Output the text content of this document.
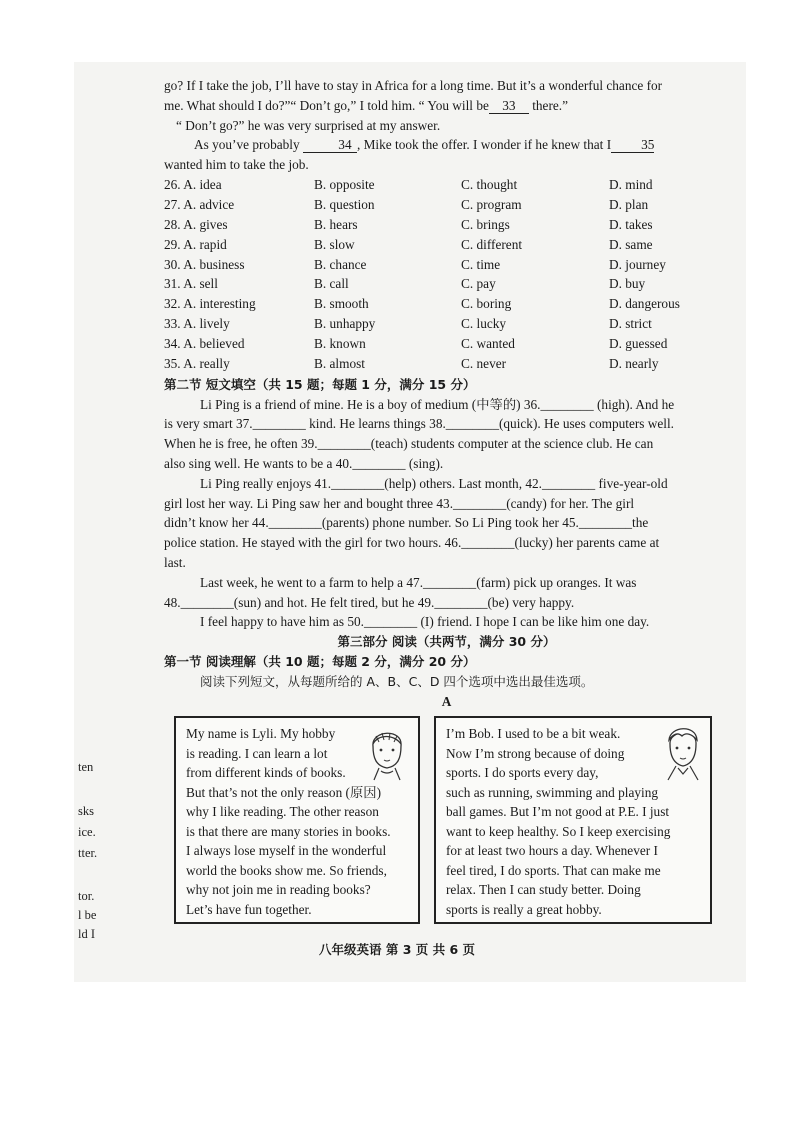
go? If I take the job, I’ll have to stay in Africa for a long time. But it’s a wonderful chance for

me. What should I do?”“ Don’t go,” I told him. “ You will be 33 there.”

“ Don’t go?” he was very surprised at my answer.

As you’ve probably	34 , Mike took the offer. I wonder if he knew that I 35

wanted him to take the job.

26. A. idea	B. opposite	C. thought	D. mind
27. A. advice	B. question	C. program	D. plan
28. A. gives	B. hears	C. brings	D. takes
29. A. rapid	B. slow	C. different	D. same
30. A. business	B. chance	C. time	D. journey
31. A. sell	B. call	C. pay	D. buy
32. A. interesting	B. smooth	C. boring	D. dangerous
33. A. lively	B. unhappy	C. lucky	D. strict
34. A. believed	B. known	C. wanted	D. guessed
35. A. really	B. almost	C. never	D. nearly

第二节 短文填空（共 15 题；每题 1 分，满分 15 分）

Li Ping is a friend of mine. He is a boy of medium (中等的) 36.________ (high). And he

is very smart 37.________ kind. He learns things 38.________(quick). He uses computers well.

When he is free, he often 39.________(teach) students computer at the science club. He can

also sing well. He wants to be a 40.________ (sing).

Li Ping really enjoys 41.________(help) others. Last month, 42.________ five-year-old

girl lost her way. Li Ping saw her and bought three 43.________(candy) for her. The girl

didn’t know her 44.________(parents) phone number. So Li Ping took her 45.________the

police station. He stayed with the girl for two hours. 46.________(lucky) her parents came at

last.

Last week, he went to a farm to help a 47.________(farm) pick up oranges. It was

48.________(sun) and hot. He felt tired, but he 49.________(be) very happy.

I feel happy to have him as 50.________ (I) friend. I hope I can be like him one day.

第三部分 阅读（共两节，满分 30 分）

第一节 阅读理解（共 10 题；每题 2 分，满分 20 分）

阅读下列短文，从每题所给的 A、B、C、D 四个选项中选出最佳选项。

A

My name is Lyli. My hobby
is reading. I can learn a lot
from different kinds of books.
But that’s not the only reason (原因)
why I like reading. The other reason
is that there are many stories in books.
I always lose myself in the wonderful
world the books show me. So friends,
why not join me in reading books?
Let’s have fun together.
I’m Bob. I used to be a bit weak.
Now I’m strong because of doing
sports. I do sports every day,
such as running, swimming and playing
ball games. But I’m not good at P.E. I just
want to keep healthy. So I keep exercising
for at least two hours a day. Whenever I
feel tired, I do sports. That can make me
relax. Then I can study better. Doing
sports is really a great hobby.
八年级英语 第 3 页 共 6 页
ten
sks
ice.
tter.
tor.
l be
ld I
